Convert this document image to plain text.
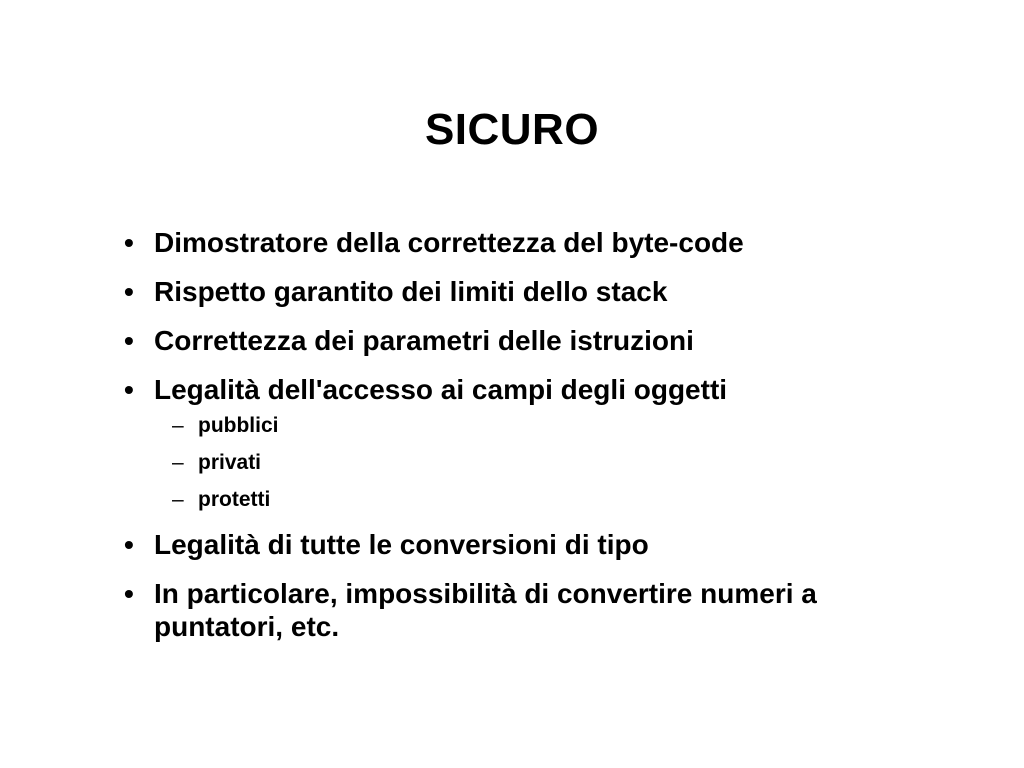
SICURO
• Dimostratore della correttezza del byte-code
• Rispetto garantito dei limiti dello stack
• Correttezza dei parametri delle istruzioni
• Legalità dell'accesso ai campi degli oggetti
– pubblici
– privati
– protetti
• Legalità di tutte le conversioni di tipo
• In particolare, impossibilità di convertire numeri a puntatori, etc.
